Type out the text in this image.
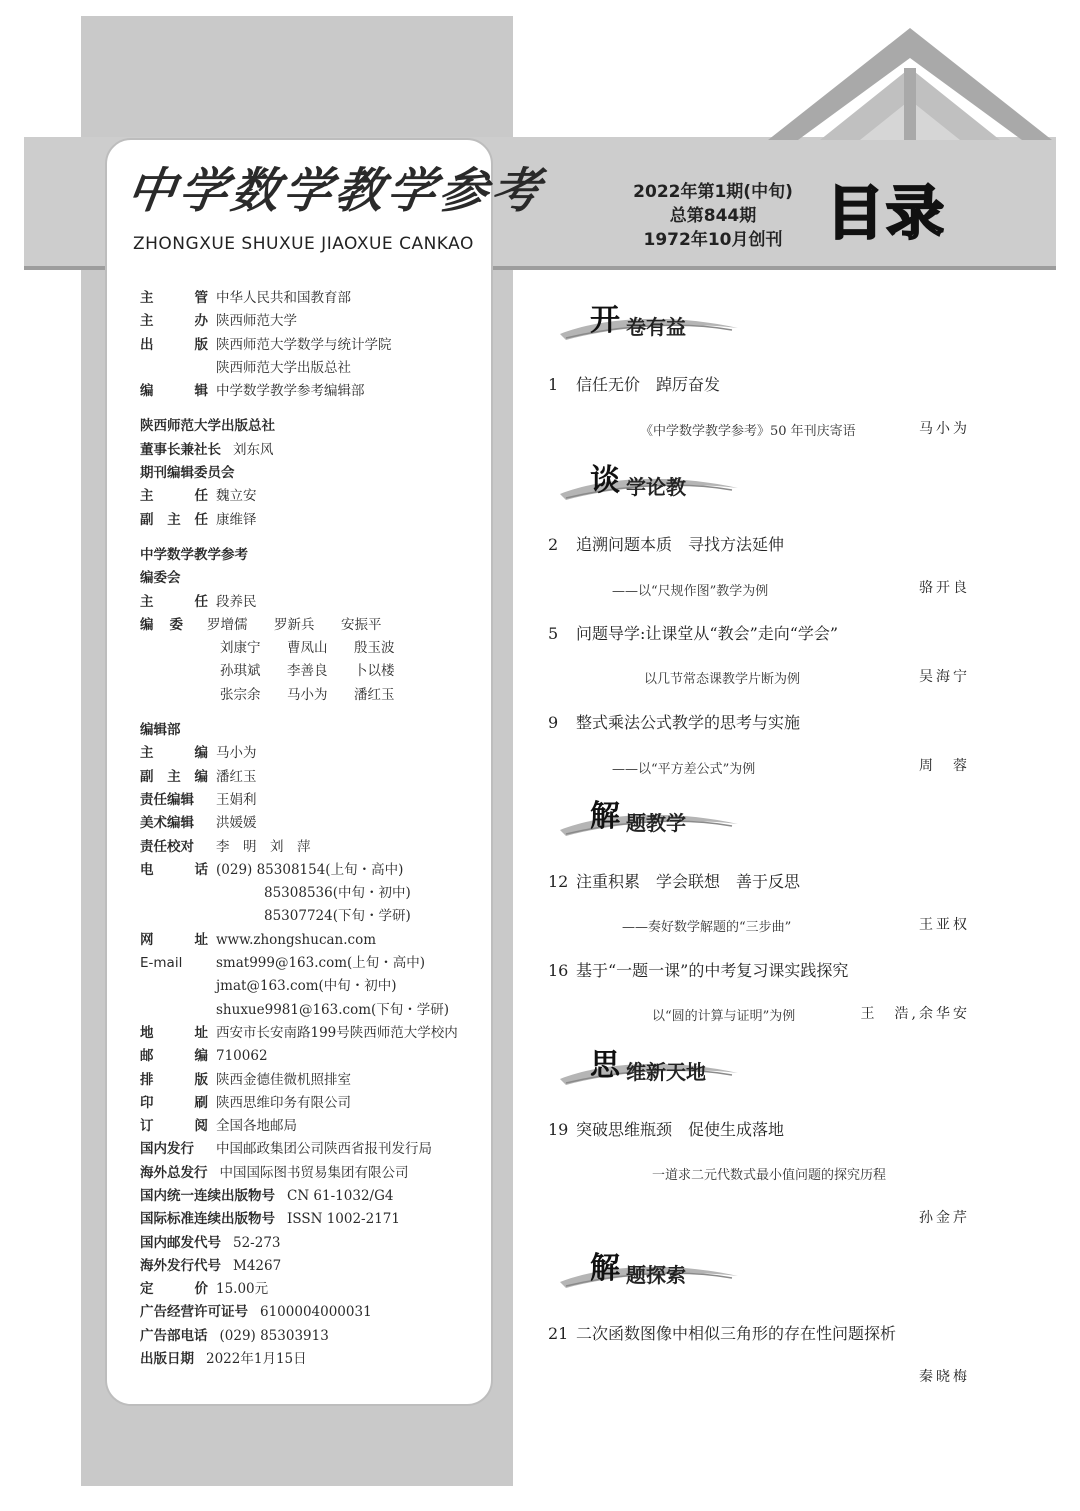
中学数学教学参考
ZHONGXUE SHUXUE JIAOXUE CANKAO
2022年第1期(中旬)
总第844期
1972年10月创刊 目录
主	管 中华人民共和国教育部
主	办 陕西师范大学
出	版 陕西师范大学数学与统计学院
陕西师范大学出版总社
编	辑 中学数学教学参考编辑部
陕西师范大学出版总社
董事长兼社长 刘东风
期刊编辑委员会
主	任 魏立安
副 主 任 康维铎
中学数学教学参考
编委会
主	任 段养民
编	委	罗增儒	罗新兵	安振平
刘康宁	曹凤山	殷玉波
孙琪斌	李善良	卜以楼
张宗余	马小为	潘红玉
编辑部
主	编 马小为
副 主 编 潘红玉
责任编辑	王娟利
美术编辑	洪媛媛
责任校对	李　明　刘　萍
电	话 (029) 85308154(上旬・高中)
85308536(中旬・初中)
85307724(下旬・学研)
网	址 www.zhongshucan.com
E-mail	smat999@163.com(上旬・高中)
jmat@163.com(中旬・初中)
shuxue9981@163.com(下旬・学研)
地	址 西安市长安南路199号陕西师范大学校内
邮	编 710062
排	版 陕西金德佳微机照排室
印	刷 陕西思维印务有限公司
订	阅 全国各地邮局
国内发行	中国邮政集团公司陕西省报刊发行局
海外总发行 中国国际图书贸易集团有限公司
国内统一连续出版物号 CN 61-1032/G4
国际标准连续出版物号 ISSN 1002-2171
国内邮发代号 52-273
海外发行代号 M4267
定	价 15.00元
广告经营许可证号 6100004000031
广告部电话 (029) 85303913
出版日期 2022年1月15日
开 卷有益
谈 学论教
解 题教学
思 维新天地
解 题探索
1 信任无价　踔厉奋发
《中学数学教学参考》50 年刊庆寄语	马小为
2 追溯问题本质　寻找方法延伸
——以“尺规作图”教学为例	骆开良
5 问题导学:让课堂从“教会”走向“学会”
以几节常态课教学片断为例	吴海宁
9 整式乘法公式教学的思考与实施
——以“平方差公式”为例	周　蓉
12 注重积累　学会联想　善于反思
——奏好数学解题的“三步曲”	王亚权
16 基于“一题一课”的中考复习课实践探究
以“圆的计算与证明”为例	王　浩,余华安
19 突破思维瓶颈　促使生成落地
一道求二元代数式最小值问题的探究历程
孙金芹
21 二次函数图像中相似三角形的存在性问题探析
秦晓梅
